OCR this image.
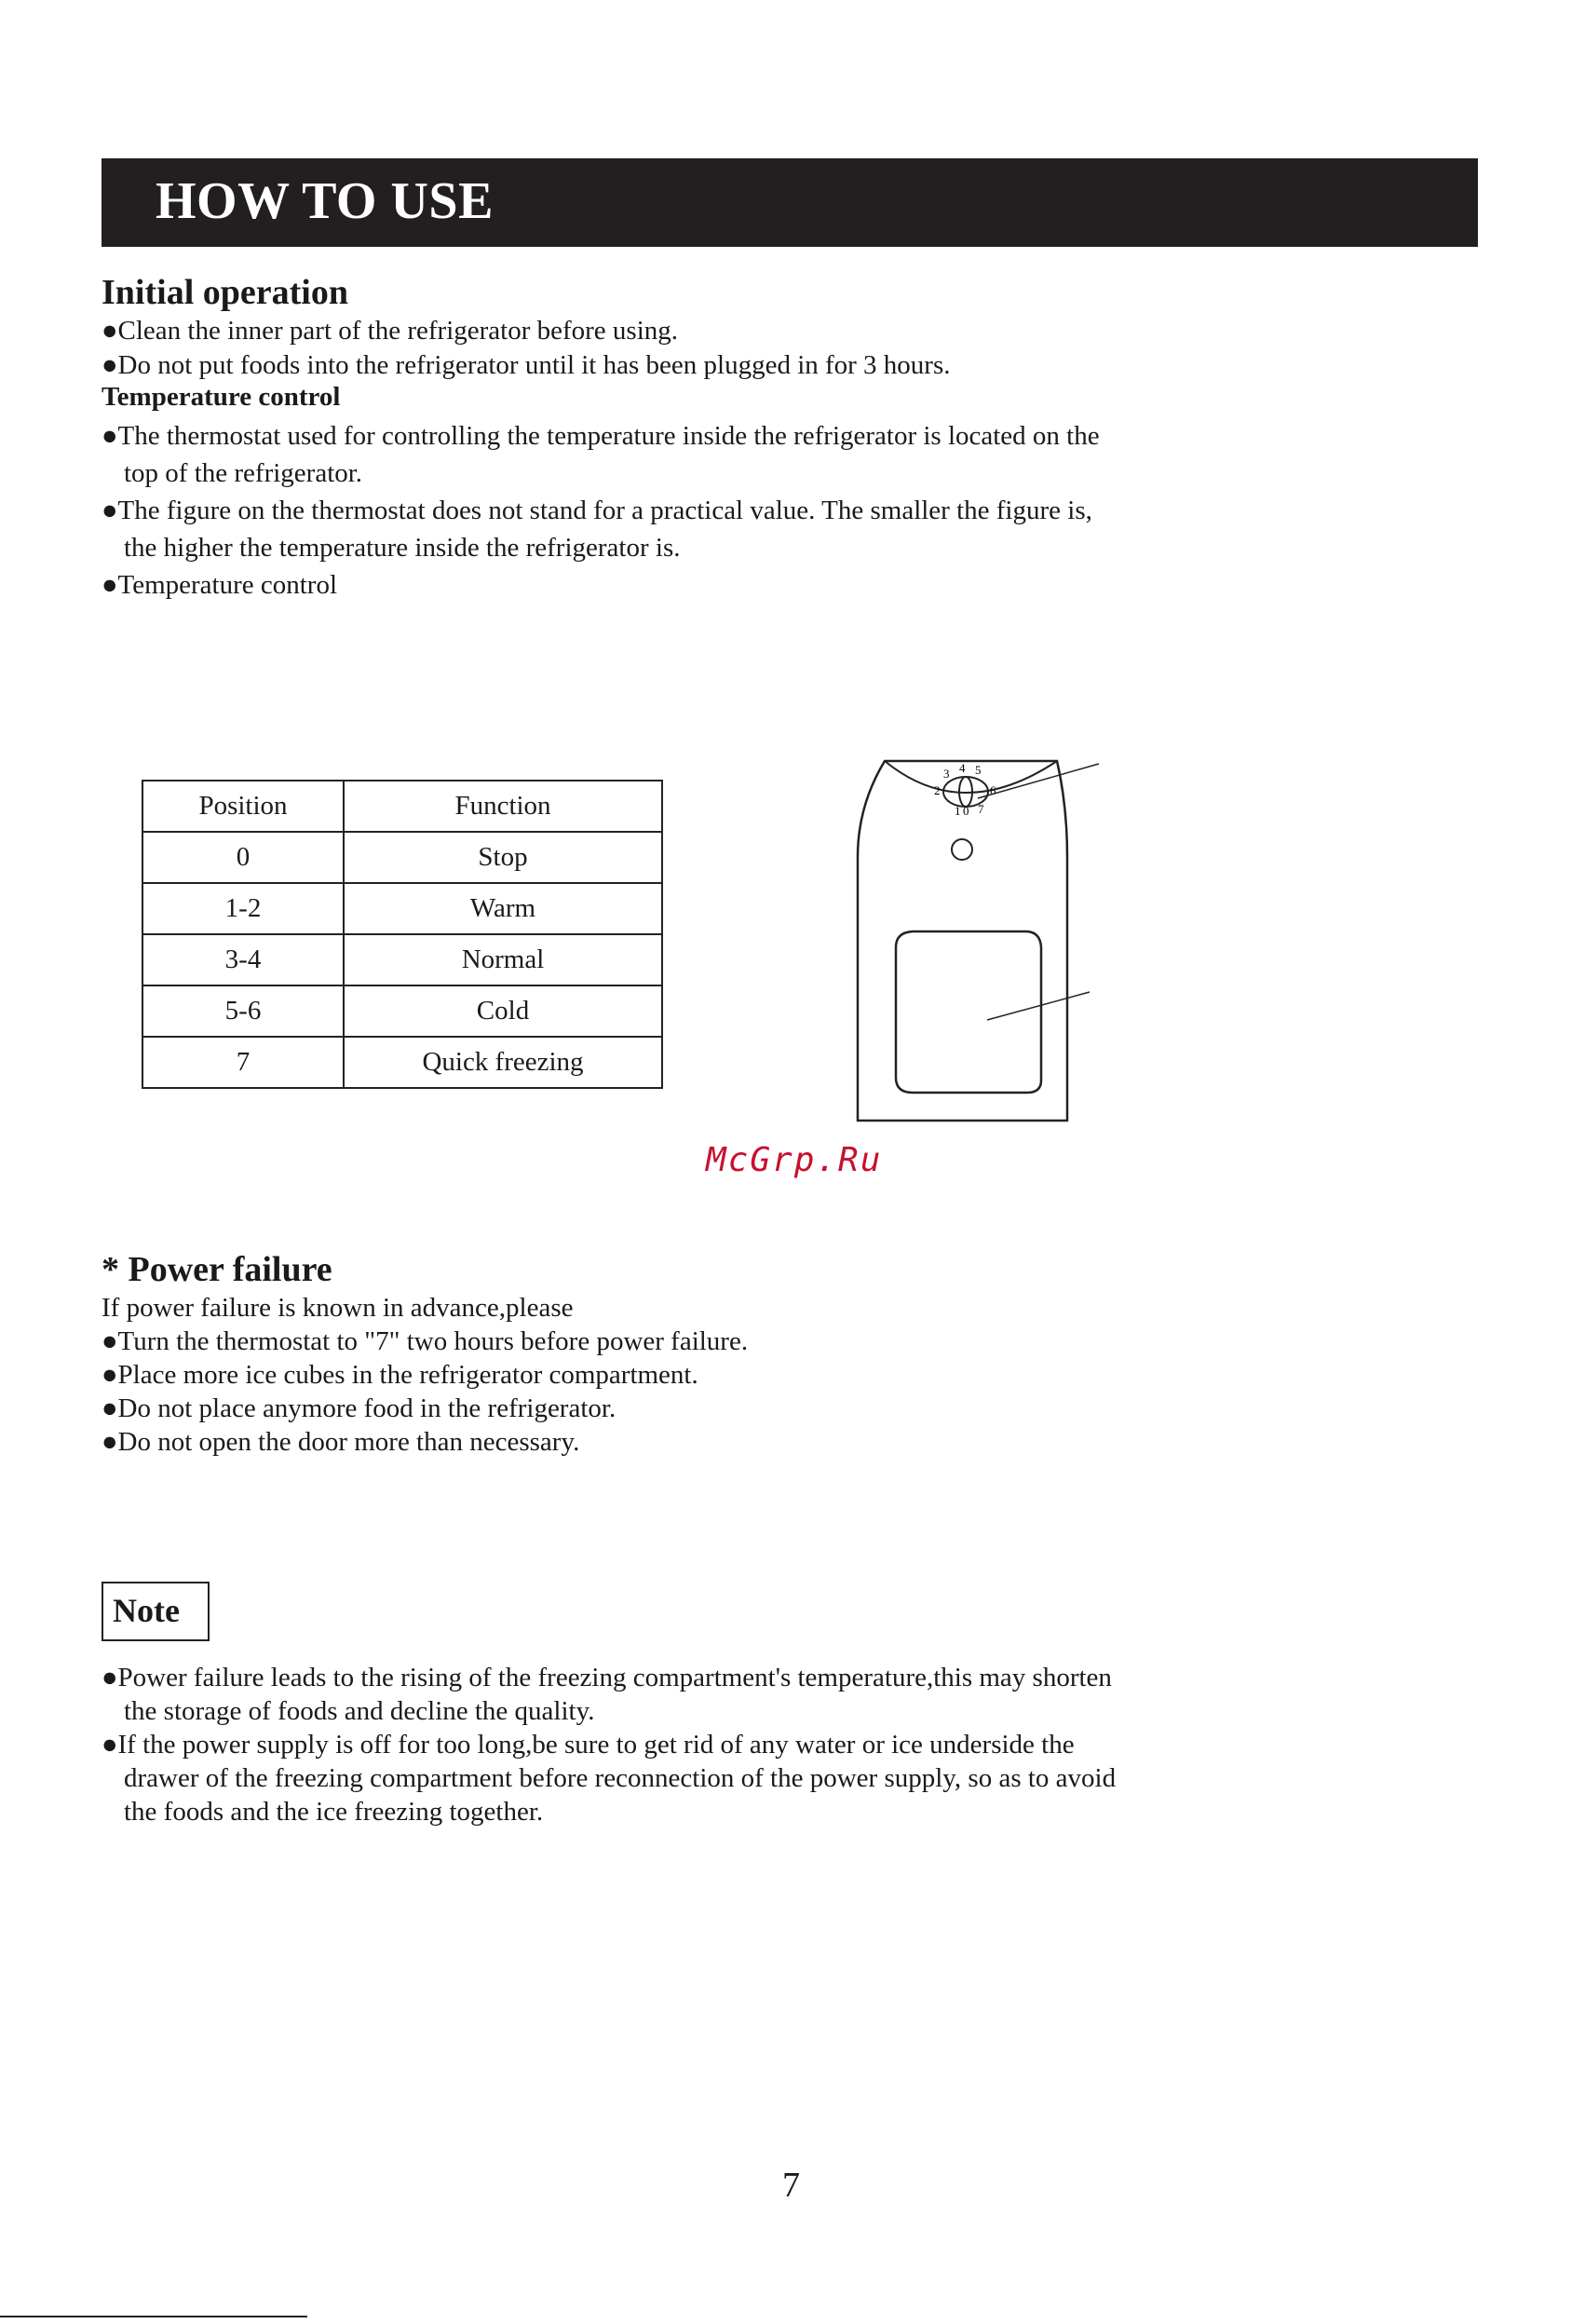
HOW TO USE
Initial operation

●Clean the inner part of the refrigerator before using.

●Do not put foods into the refrigerator until it has been plugged in for 3 hours.

Temperature control

●The thermostat used for controlling the temperature inside the refrigerator is located on the

top of the refrigerator.

●The figure on the thermostat does not stand for a practical value. The smaller the figure is,

the higher the temperature inside the refrigerator is.

●Temperature control

Position	Function
0	Stop
1-2	Warm
3-4	Normal
5-6	Cold
7	Quick freezing
1 0 7
2
3 4 5
6

McGrp.Ru

* Power failure

If power failure is known in advance,please

●Turn the thermostat to "7" two hours before power failure.

●Place more ice cubes in the refrigerator compartment.

●Do not place anymore food in the refrigerator.

●Do not open the door more than necessary.

Note

●Power failure leads to the rising of the freezing compartment's temperature,this may shorten

the storage of foods and decline the quality.

●If the power supply is off for too long,be sure to get rid of any water or ice underside the

drawer of the freezing compartment before reconnection of the power supply, so as to avoid

the foods and the ice freezing together.

7
